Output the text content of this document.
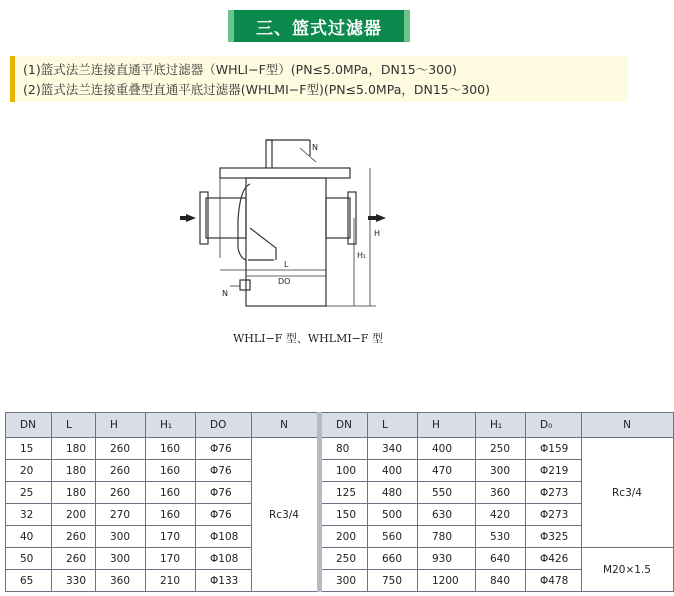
三、篮式过滤器
(1)篮式法兰连接直通平底过滤器（WHLI−F型）(PN≤5.0MPa，DN15～300)
(2)篮式法兰连接重叠型直通平底过滤器(WHLMI−F型)(PN≤5.0MPa，DN15～300)
N
N
L
DO
H
H₁
WHLI−F 型、WHLMI−F 型
DN	L	H	H₁	DO	N	DN	L	H	H₁	D₀	N
15	180	260	160	Φ76	Rc3/4	80	340	400	250	Φ159	Rc3/4
20	180	260	160	Φ76		100	400	470	300	Φ219	
25	180	260	160	Φ76		125	480	550	360	Φ273	
32	200	270	160	Φ76		150	500	630	420	Φ273	
40	260	300	170	Φ108		200	560	780	530	Φ325	
50	260	300	170	Φ108		250	660	930	640	Φ426	M20×1.5
65	330	360	210	Φ133		300	750	1200	840	Φ478	
